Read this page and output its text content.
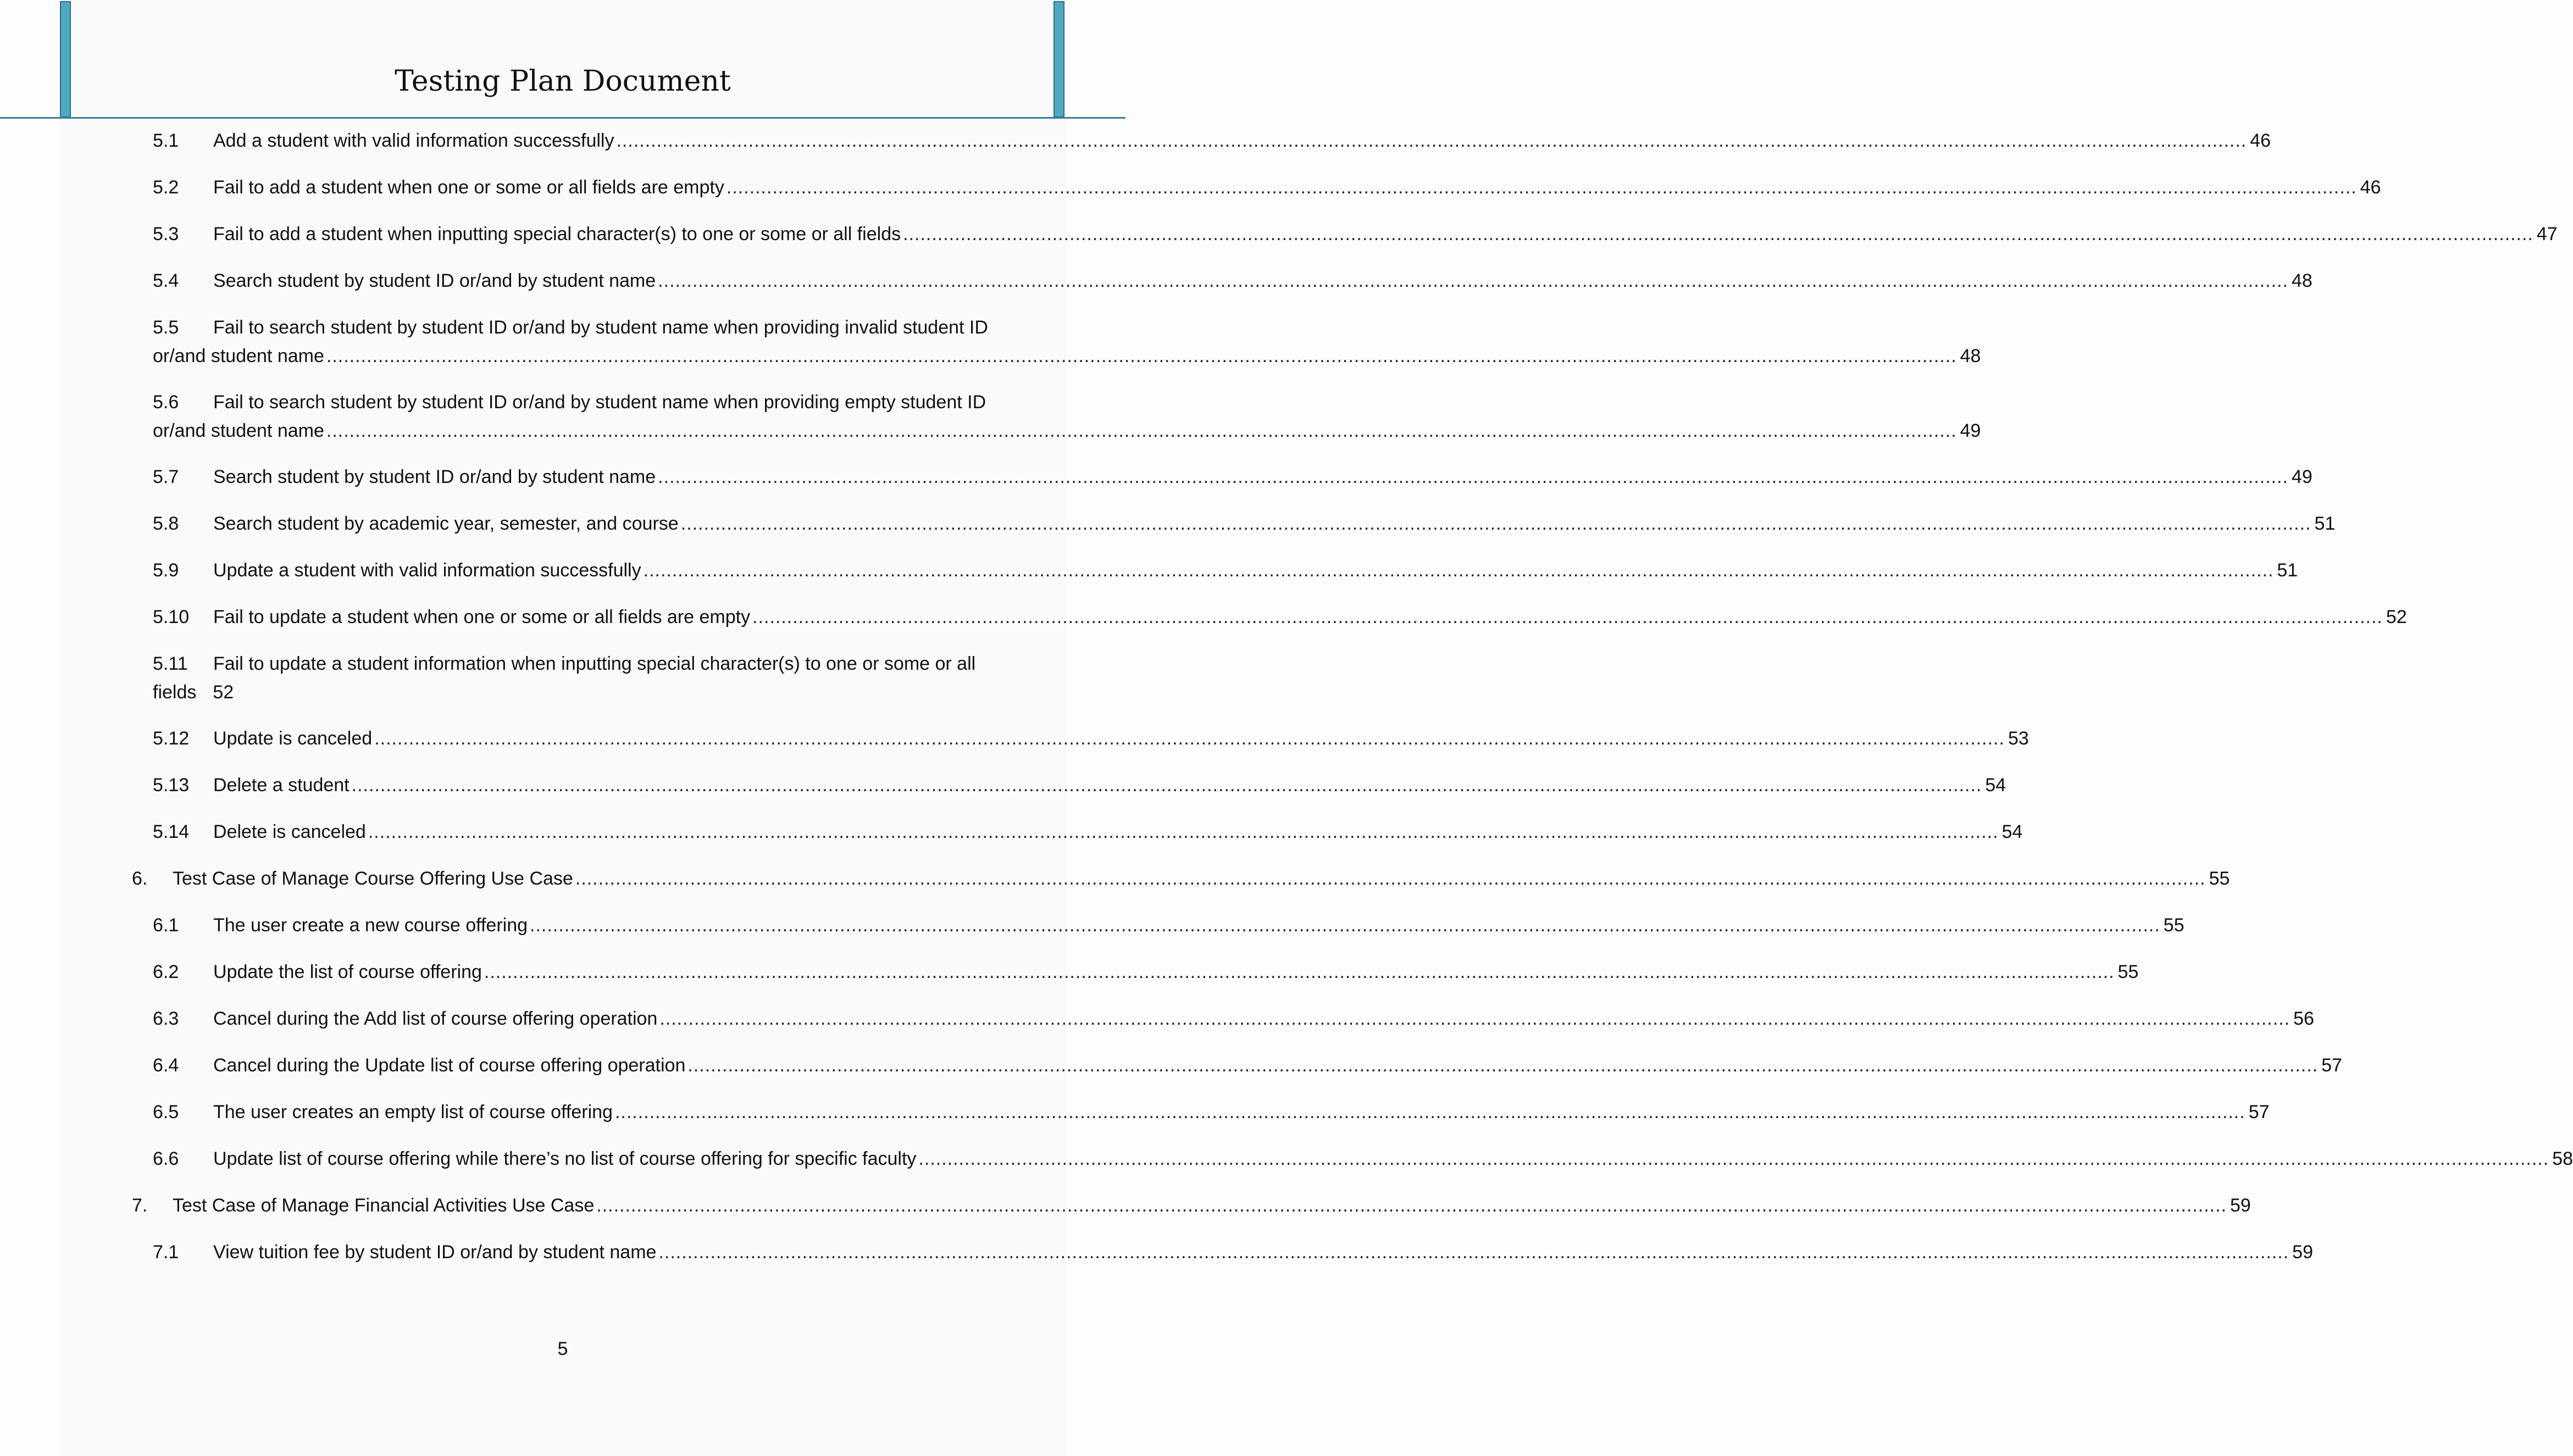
Testing Plan Document
5.1	Add a student with valid information successfully .....	46
5.2	Fail to add a student when one or some or all fields are empty .....	46
5.3	Fail to add a student when inputting special character(s) to one or some or all fields .....	47
5.4	Search student by student ID or/and by student name .....	48
5.5	Fail to search student by student ID or/and by student name when providing invalid student ID
or/and student name .....	48
5.6	Fail to search student by student ID or/and by student name when providing empty student ID
or/and student name .....	49
5.7	Search student by student ID or/and by student name .....	49
5.8	Search student by academic year, semester, and course .....	51
5.9	Update a student with valid information successfully .....	51
5.10	Fail to update a student when one or some or all fields are empty .....	52
5.11	Fail to update a student information when inputting special character(s) to one or some or all
fields 52
5.12	Update is canceled .....	53
5.13	Delete a student .....	54
5.14	Delete is canceled .....	54
6.	Test Case of Manage Course Offering Use Case .....	55
6.1	The user create a new course offering .....	55
6.2	Update the list of course offering .....	55
6.3	Cancel during the Add list of course offering operation .....	56
6.4	Cancel during the Update list of course offering operation .....	57
6.5	The user creates an empty list of course offering .....	57
6.6	Update list of course offering while there’s no list of course offering for specific faculty .....	58
7.	Test Case of Manage Financial Activities Use Case .....	59
7.1	View tuition fee by student ID or/and by student name .....	59
5
